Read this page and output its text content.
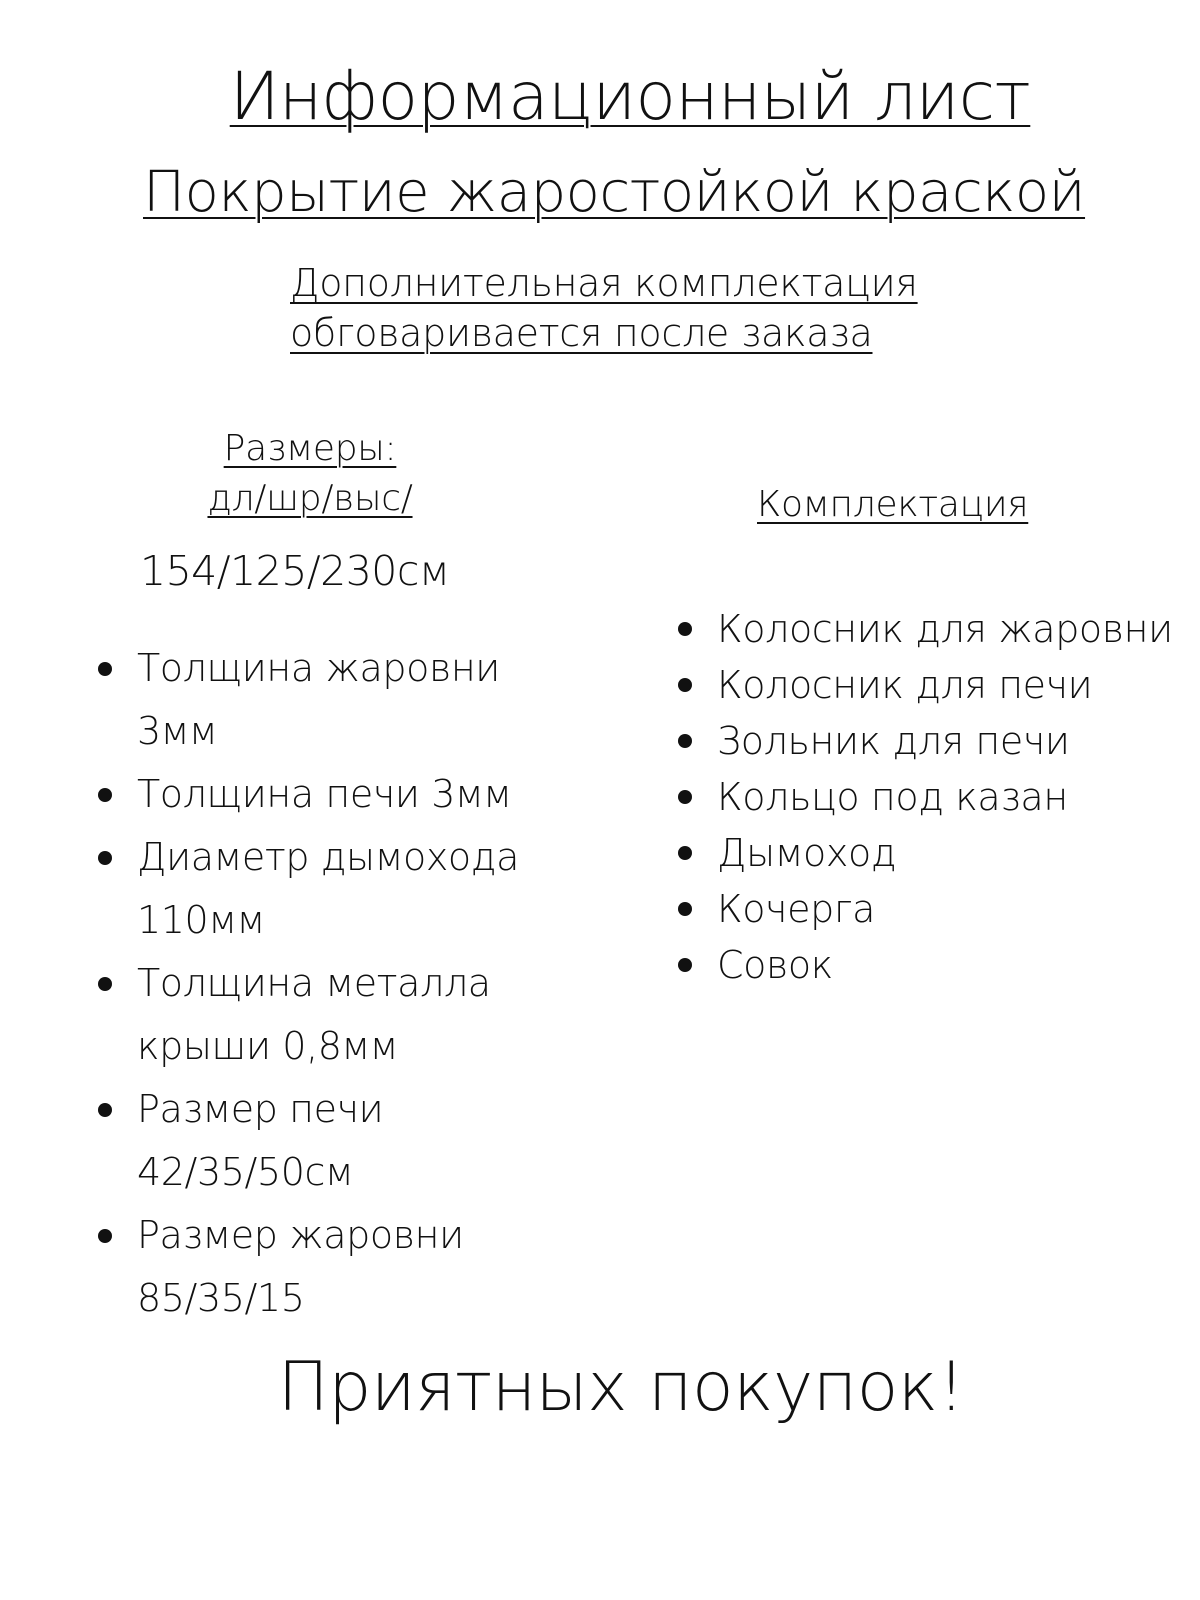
Информационный лист
Покрытие жаростойкой краской
Дополнительная комплектация
обговаривается после заказа
Размеры:
дл/шр/выс/
154/125/230см
Комплектация
Толщина жаровни
3мм
Толщина печи 3мм
Диаметр дымохода
110мм
Толщина металла
крыши 0,8мм
Размер печи
42/35/50см
Размер жаровни
85/35/15
Колосник для жаровни
Колосник для печи
Зольник для печи
Кольцо под казан
Дымоход
Кочерга
Совок
Приятных покупок!
